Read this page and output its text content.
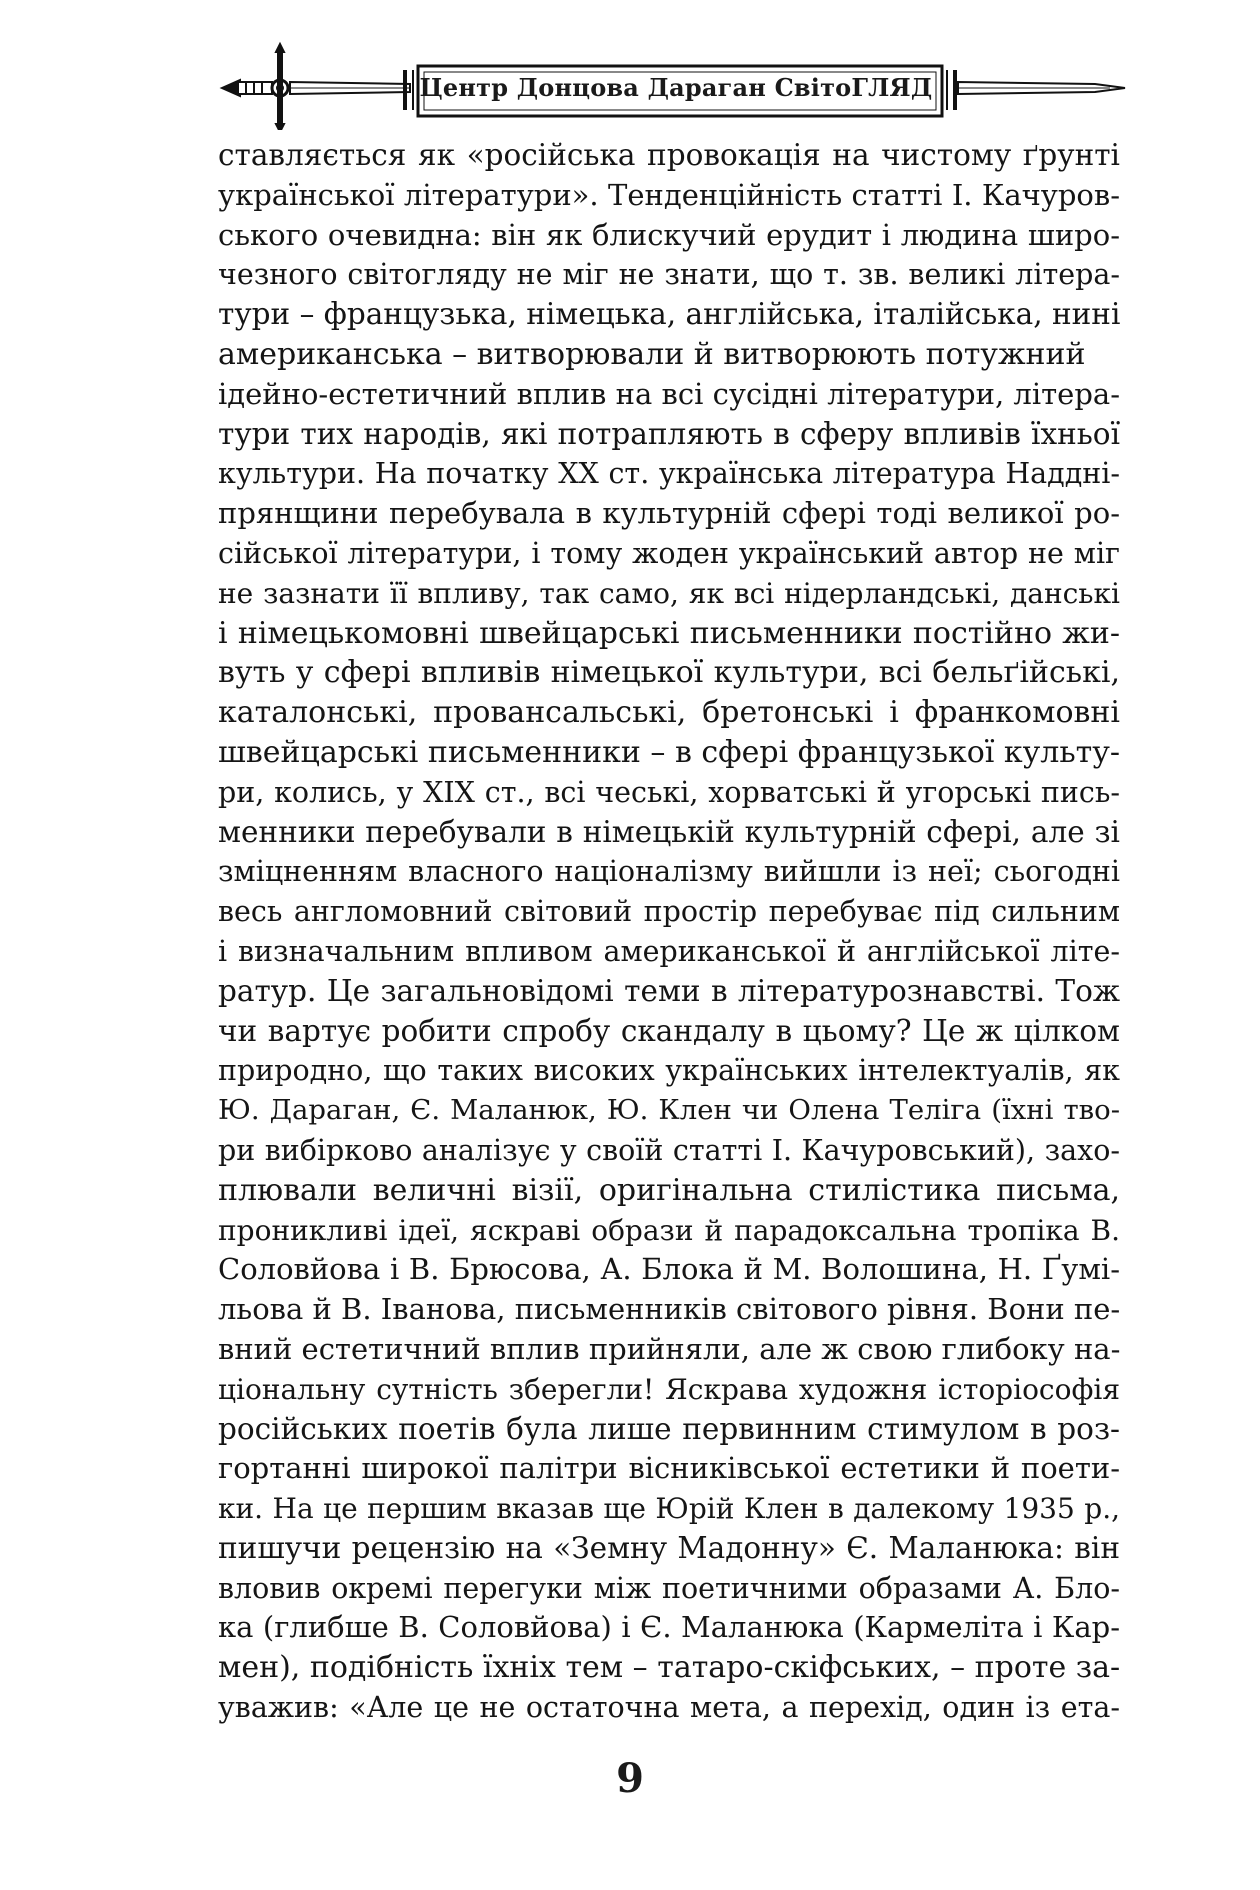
Центр Донцова Дараган СвітоГЛЯД
ставляється як «російська провокація на чистому ґрунті
української літератури». Тенденційність статті І. Качуров-
ського очевидна: він як блискучий ерудит і людина широ-
чезного світогляду не міг не знати, що т. зв. великі літера-
тури – французька, німецька, англійська, італійська, нині
американська – витворювали й витворюють потужний
ідейно-естетичний вплив на всі сусідні літератури, літера-
тури тих народів, які потрапляють в сферу впливів їхньої
культури. На початку XX ст. українська література Наддні-
прянщини перебувала в культурній сфері тоді великої ро-
сійської літератури, і тому жоден український автор не міг
не зазнати її впливу, так само, як всі нідерландські, данські
і німецькомовні швейцарські письменники постійно жи-
вуть у сфері впливів німецької культури, всі бельґійські,
каталонські, провансальські, бретонські і франкомовні
швейцарські письменники – в сфері французької культу-
ри, колись, у XIX ст., всі чеські, хорватські й угорські пись-
менники перебували в німецькій культурній сфері, але зі
зміцненням власного націоналізму вийшли із неї; сьогодні
весь англомовний світовий простір перебуває під сильним
і визначальним впливом американської й англійської літе-
ратур. Це загальновідомі теми в літературознавстві. Тож
чи вартує робити спробу скандалу в цьому? Це ж цілком
природно, що таких високих українських інтелектуалів, як
Ю. Дараган, Є. Маланюк, Ю. Клен чи Олена Теліга (їхні тво-
ри вибірково аналізує у своїй статті І. Качуровський), захо-
плювали величні візії, оригінальна стилістика письма,
проникливі ідеї, яскраві образи й парадоксальна тропіка В.
Соловйова і В. Брюсова, А. Блока й М. Волошина, Н. Ґумі-
льова й В. Іванова, письменників світового рівня. Вони пе-
вний естетичний вплив прийняли, але ж свою глибоку на-
ціональну сутність зберегли! Яскрава художня історіософія
російських поетів була лише первинним стимулом в роз-
гортанні широкої палітри вісниківської естетики й поети-
ки. На це першим вказав ще Юрій Клен в далекому 1935 р.,
пишучи рецензію на «Земну Мадонну» Є. Маланюка: він
вловив окремі перегуки між поетичними образами А. Бло-
ка (глибше В. Соловйова) і Є. Маланюка (Кармеліта і Кар-
мен), подібність їхніх тем – татаро-скіфських, – проте за-
уважив: «Але це не остаточна мета, а перехід, один із ета-
9
